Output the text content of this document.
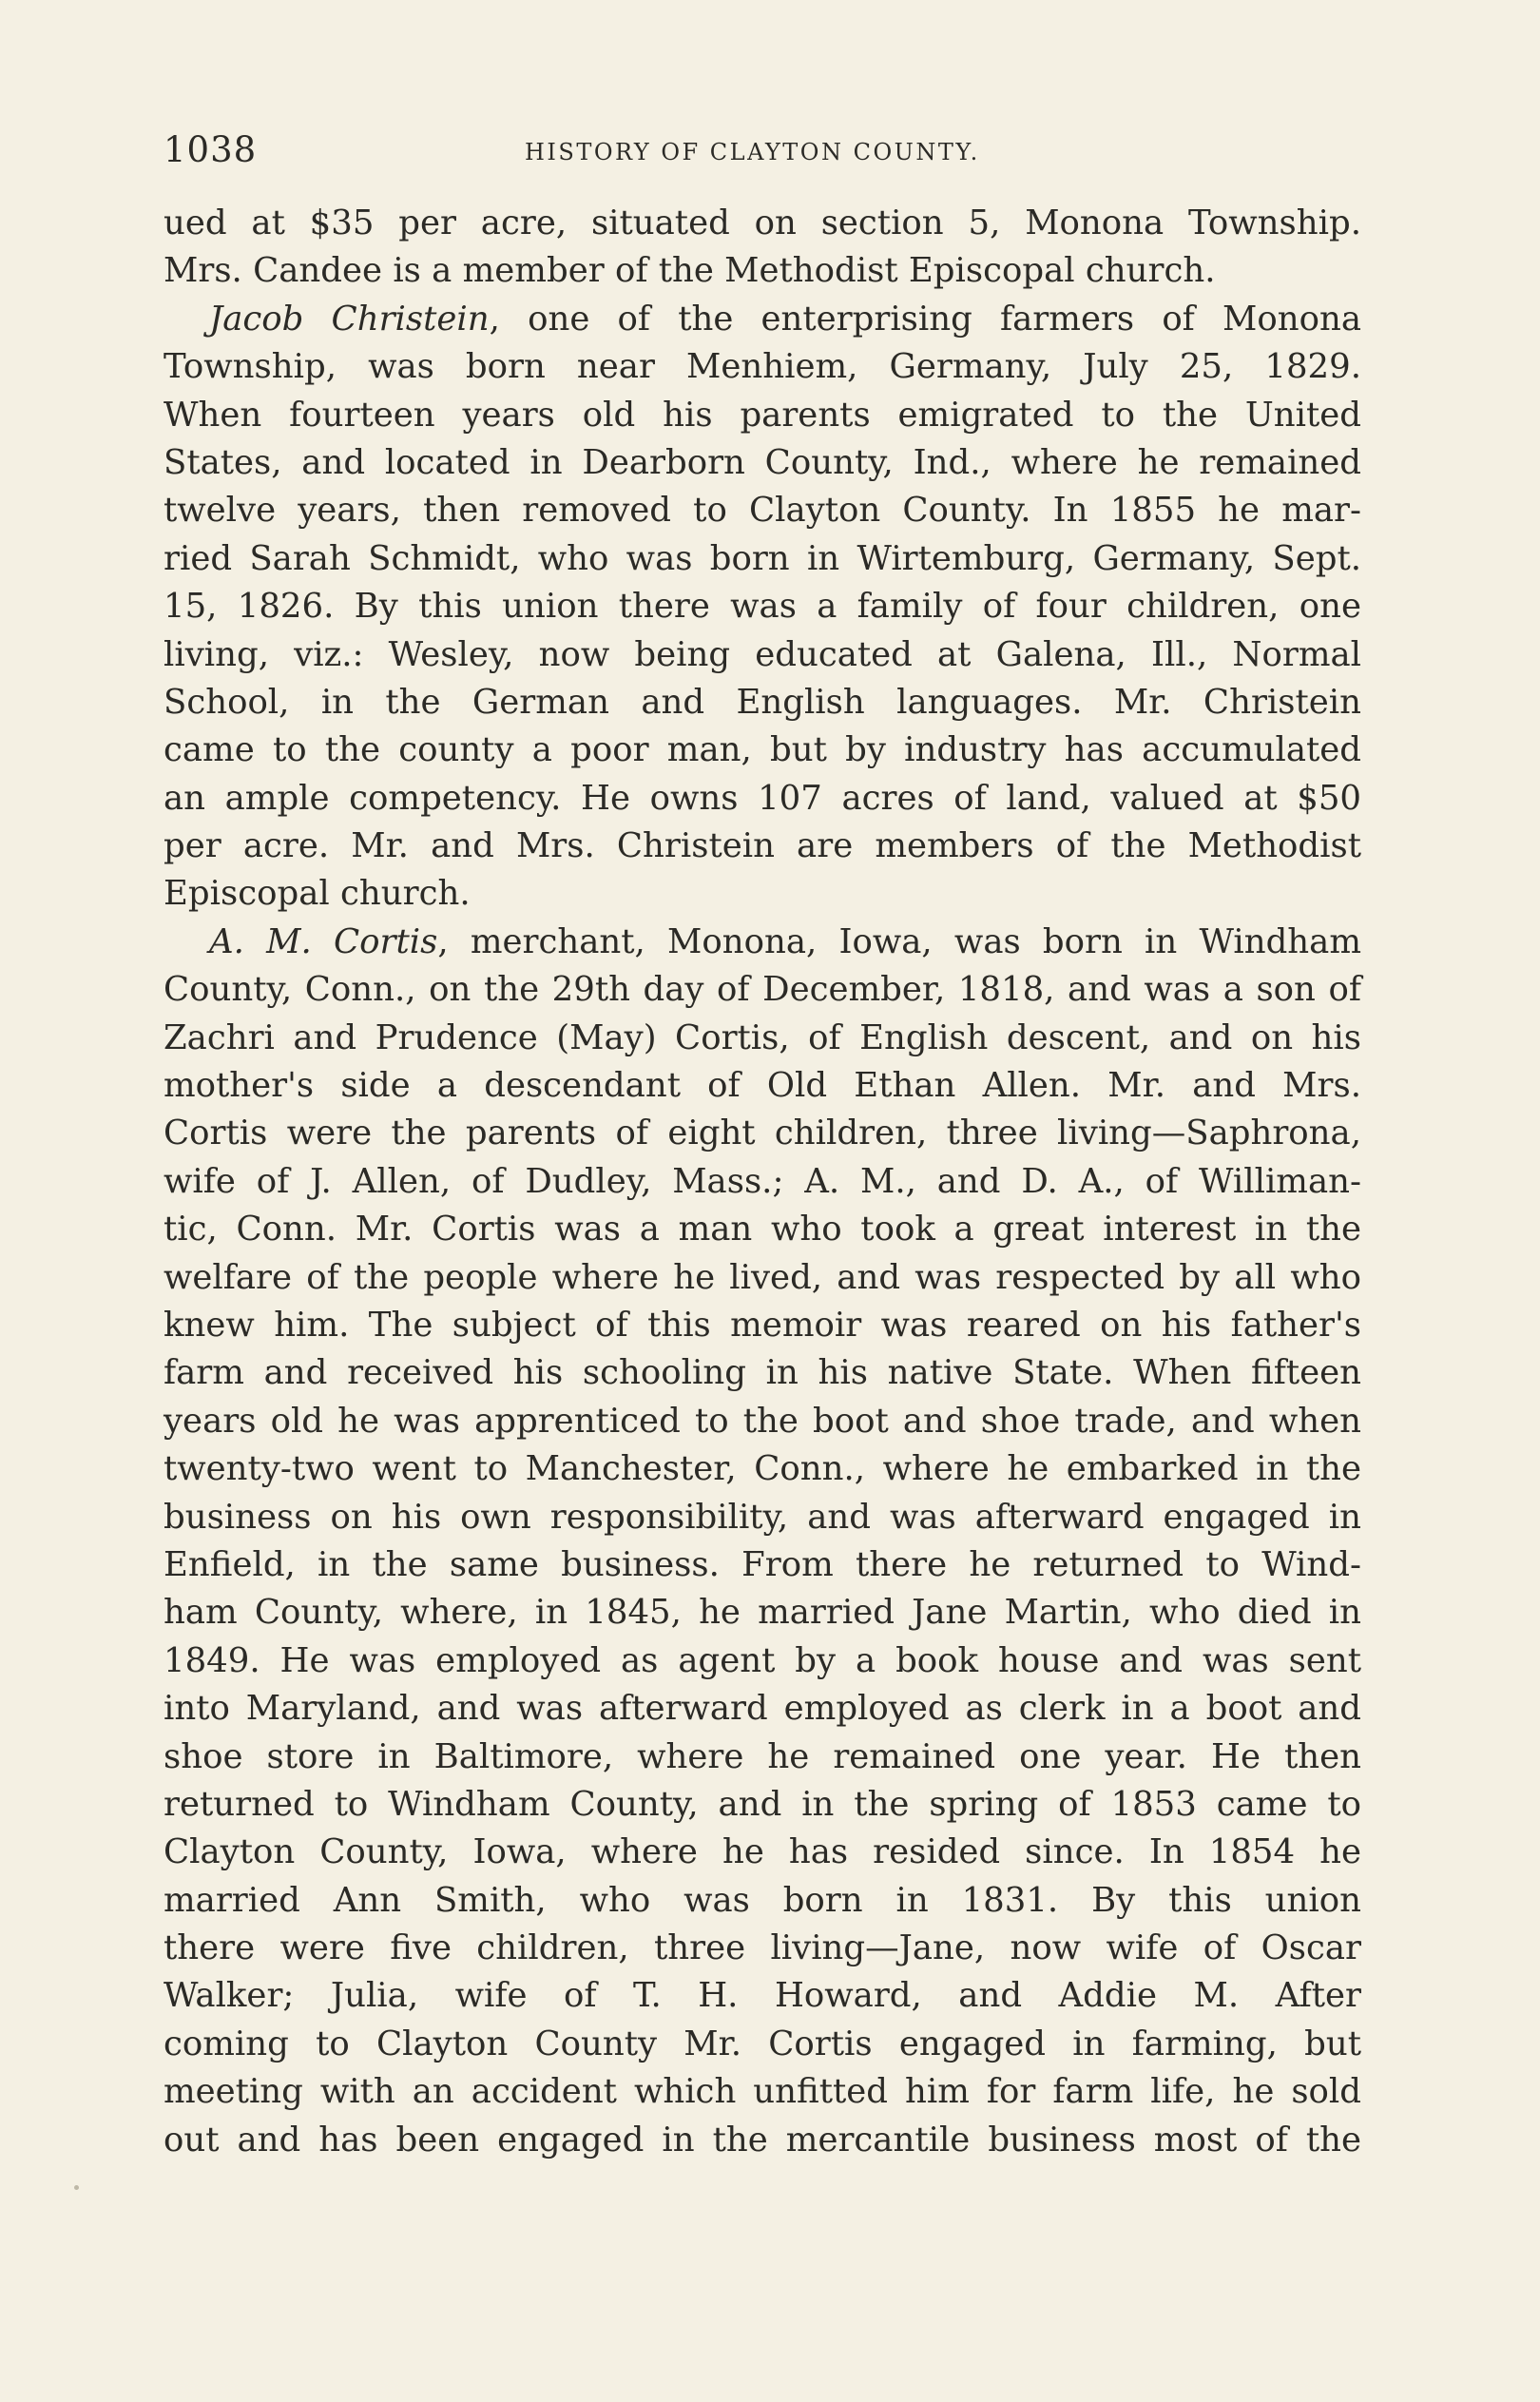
1038	HISTORY OF CLAYTON COUNTY.
ued at $35 per acre, situated on section 5, Monona Township.
Mrs. Candee is a member of the Methodist Episcopal church.
Jacob Christein, one of the enterprising farmers of Monona
Township, was born near Menhiem, Germany, July 25, 1829.
When fourteen years old his parents emigrated to the United
States, and located in Dearborn County, Ind., where he remained
twelve years, then removed to Clayton County. In 1855 he mar-
ried Sarah Schmidt, who was born in Wirtemburg, Germany, Sept.
15, 1826. By this union there was a family of four children, one
living, viz.: Wesley, now being educated at Galena, Ill., Normal
School, in the German and English languages. Mr. Christein
came to the county a poor man, but by industry has accumulated
an ample competency. He owns 107 acres of land, valued at $50
per acre. Mr. and Mrs. Christein are members of the Methodist
Episcopal church.
A. M. Cortis, merchant, Monona, Iowa, was born in Windham
County, Conn., on the 29th day of December, 1818, and was a son of
Zachri and Prudence (May) Cortis, of English descent, and on his
mother's side a descendant of Old Ethan Allen. Mr. and Mrs.
Cortis were the parents of eight children, three living—Saphrona,
wife of J. Allen, of Dudley, Mass.; A. M., and D. A., of Williman-
tic, Conn. Mr. Cortis was a man who took a great interest in the
welfare of the people where he lived, and was respected by all who
knew him. The subject of this memoir was reared on his father's
farm and received his schooling in his native State. When fifteen
years old he was apprenticed to the boot and shoe trade, and when
twenty-two went to Manchester, Conn., where he embarked in the
business on his own responsibility, and was afterward engaged in
Enfield, in the same business. From there he returned to Wind-
ham County, where, in 1845, he married Jane Martin, who died in
1849. He was employed as agent by a book house and was sent
into Maryland, and was afterward employed as clerk in a boot and
shoe store in Baltimore, where he remained one year. He then
returned to Windham County, and in the spring of 1853 came to
Clayton County, Iowa, where he has resided since. In 1854 he
married Ann Smith, who was born in 1831. By this union
there were five children, three living—Jane, now wife of Oscar
Walker; Julia, wife of T. H. Howard, and Addie M. After
coming to Clayton County Mr. Cortis engaged in farming, but
meeting with an accident which unfitted him for farm life, he sold
out and has been engaged in the mercantile business most of the
